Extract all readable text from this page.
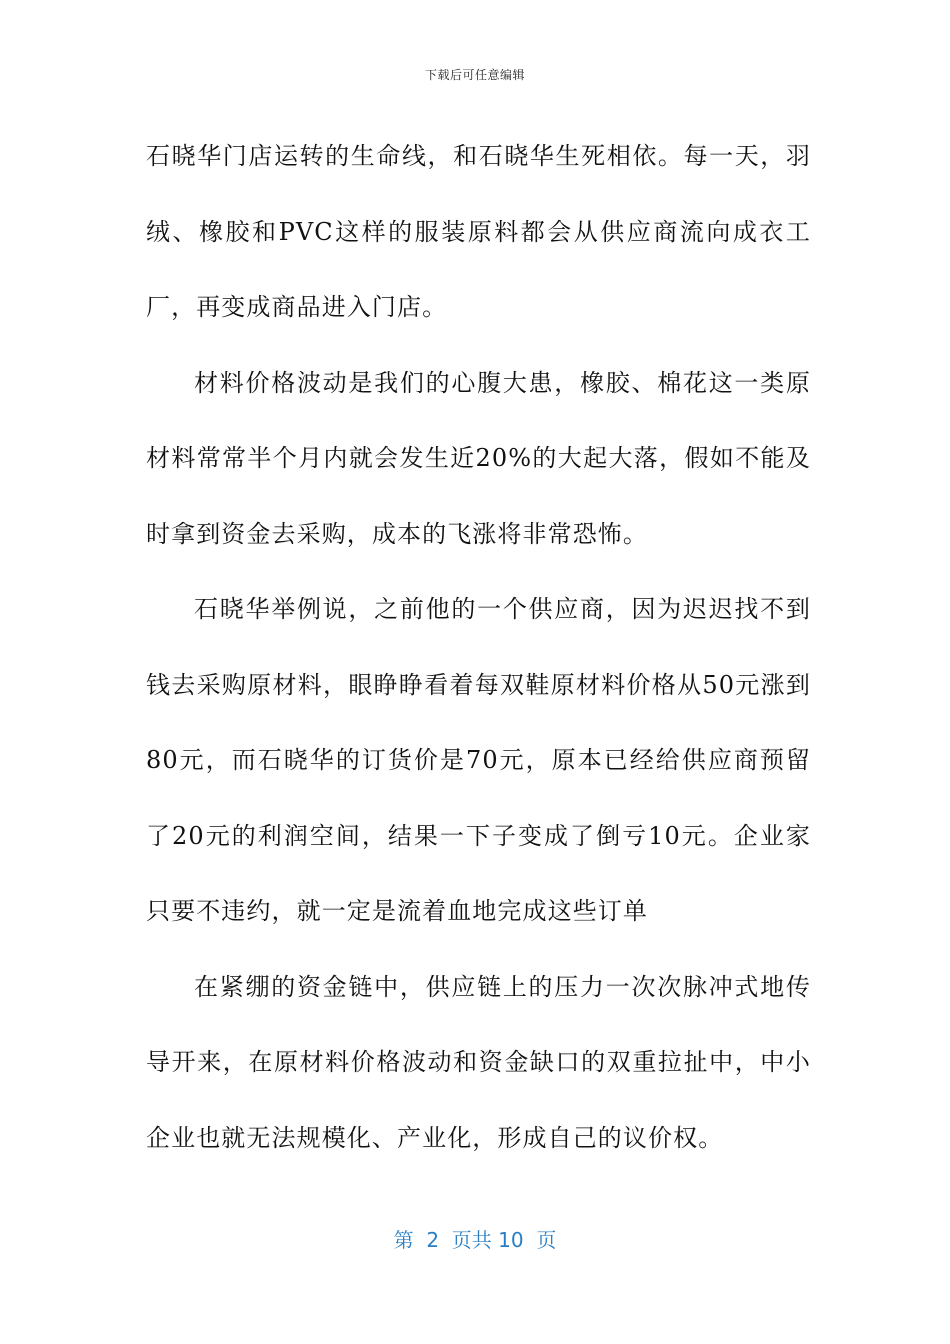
下载后可任意编辑

石晓华门店运转的生命线，和石晓华生死相依。每一天，羽绒、橡胶和PVC这样的服装原料都会从供应商流向成衣工厂，再变成商品进入门店。

材料价格波动是我们的心腹大患，橡胶、棉花这一类原材料常常半个月内就会发生近20%的大起大落，假如不能及时拿到资金去采购，成本的飞涨将非常恐怖。

石晓华举例说，之前他的一个供应商，因为迟迟找不到钱去采购原材料，眼睁睁看着每双鞋原材料价格从50元涨到80元，而石晓华的订货价是70元，原本已经给供应商预留了20元的利润空间，结果一下子变成了倒亏10元。企业家只要不违约，就一定是流着血地完成这些订单

在紧绷的资金链中，供应链上的压力一次次脉冲式地传导开来，在原材料价格波动和资金缺口的双重拉扯中，中小企业也就无法规模化、产业化，形成自己的议价权。

第  2  页共 10  页
